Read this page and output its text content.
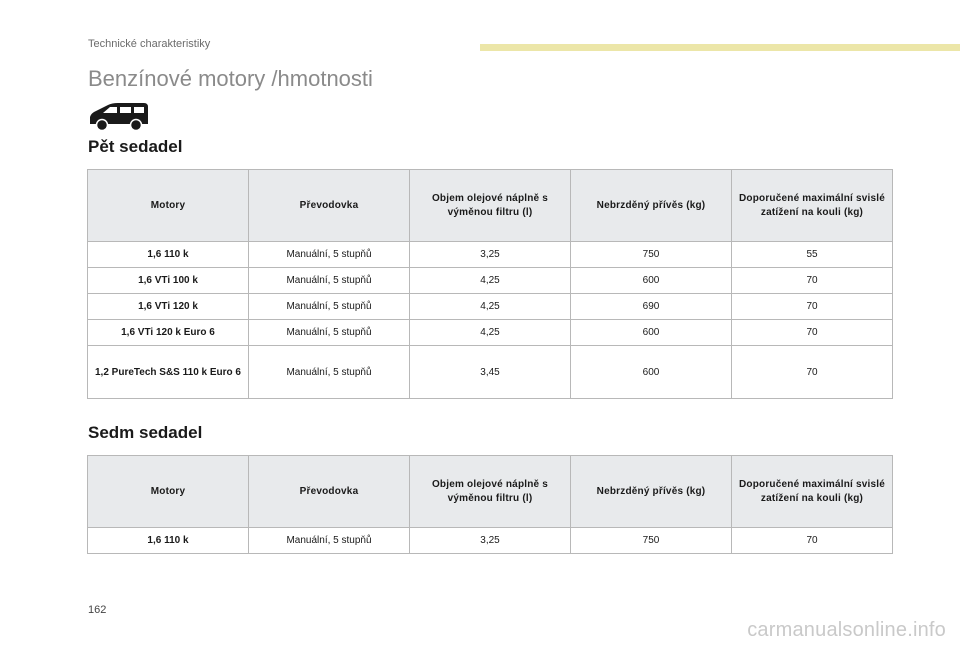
Technické charakteristiky
Benzínové motory /hmotnosti
Pět sedadel
Motory	Převodovka	Objem olejové náplně s výměnou filtru (l)	Nebrzděný přívěs (kg)	Doporučené maximální svislé zatížení na kouli (kg)
1,6 110 k	Manuální, 5 stupňů	3,25	750	55
1,6 VTi 100 k	Manuální, 5 stupňů	4,25	600	70
1,6 VTi 120 k	Manuální, 5 stupňů	4,25	690	70
1,6 VTi 120 k Euro 6	Manuální, 5 stupňů	4,25	600	70
1,2 PureTech S&S 110 k Euro 6	Manuální, 5 stupňů	3,45	600	70
Sedm sedadel
Motory	Převodovka	Objem olejové náplně s výměnou filtru (l)	Nebrzděný přívěs (kg)	Doporučené maximální svislé zatížení na kouli (kg)
1,6 110 k	Manuální, 5 stupňů	3,25	750	70
162
carmanualsonline.info
